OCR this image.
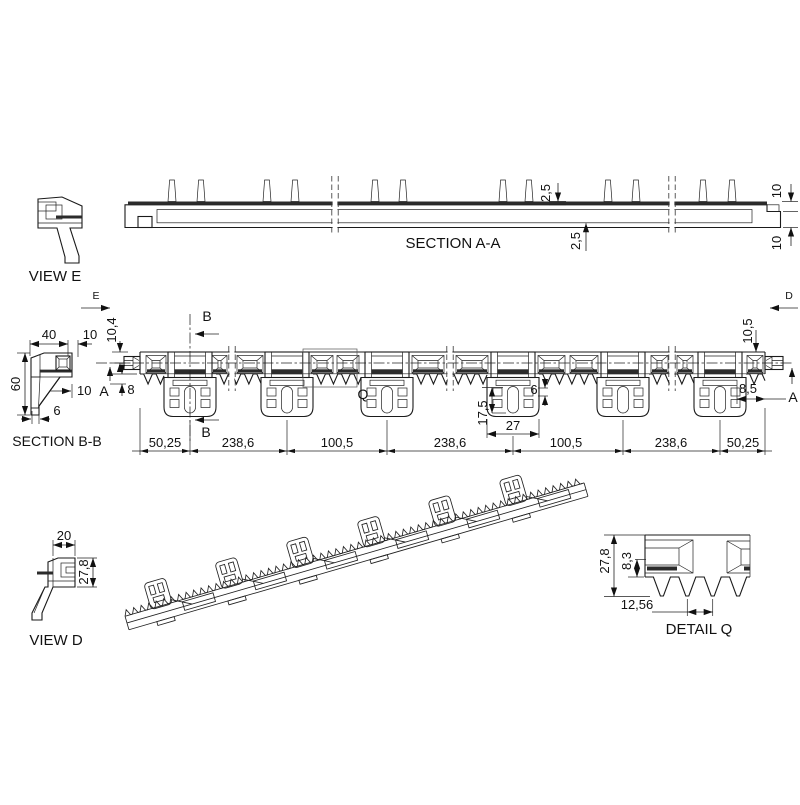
VIEW E
2,5
2,5
10
10
SECTION A-A
E	D
B
B
A	A
Q
10,4
8
10,5
8,5
17,5 27
6
50,25	238,6	100,5	238,6	100,5	238,6	50,25
40 10
60	10
6
SECTION B-B
20
27,8
VIEW D
27,8 8,3
12,56
DETAIL Q
